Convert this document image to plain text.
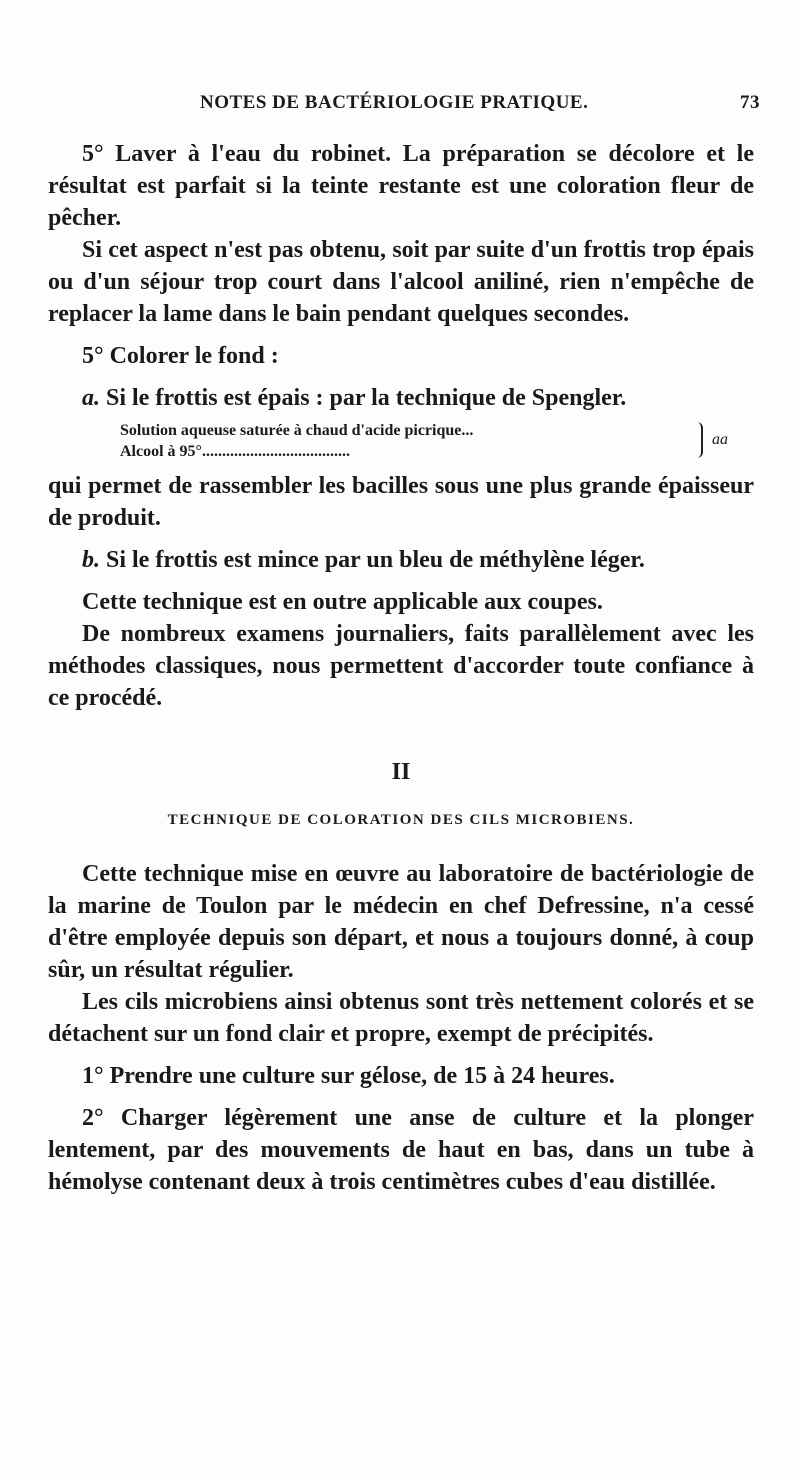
NOTES DE BACTÉRIOLOGIE PRATIQUE.	73

5° Laver à l'eau du robinet. La préparation se décolore et le résultat est parfait si la teinte restante est une coloration fleur de pêcher.

Si cet aspect n'est pas obtenu, soit par suite d'un frottis trop épais ou d'un séjour trop court dans l'alcool aniliné, rien n'empêche de replacer la lame dans le bain pendant quelques secondes.

5° Colorer le fond :

a. Si le frottis est épais : par la technique de Spengler.

Solution aqueuse saturée à chaud d'acide picrique...
Alcool à 95°.....................................
aa

qui permet de rassembler les bacilles sous une plus grande épaisseur de produit.

b. Si le frottis est mince par un bleu de méthylène léger.

Cette technique est en outre applicable aux coupes.

De nombreux examens journaliers, faits parallèlement avec les méthodes classiques, nous permettent d'accorder toute confiance à ce procédé.

II
TECHNIQUE DE COLORATION DES CILS MICROBIENS.

Cette technique mise en œuvre au laboratoire de bactériologie de la marine de Toulon par le médecin en chef Defressine, n'a cessé d'être employée depuis son départ, et nous a toujours donné, à coup sûr, un résultat régulier.

Les cils microbiens ainsi obtenus sont très nettement colorés et se détachent sur un fond clair et propre, exempt de précipités.

1° Prendre une culture sur gélose, de 15 à 24 heures.

2° Charger légèrement une anse de culture et la plonger lentement, par des mouvements de haut en bas, dans un tube à hémolyse contenant deux à trois centimètres cubes d'eau distillée.
